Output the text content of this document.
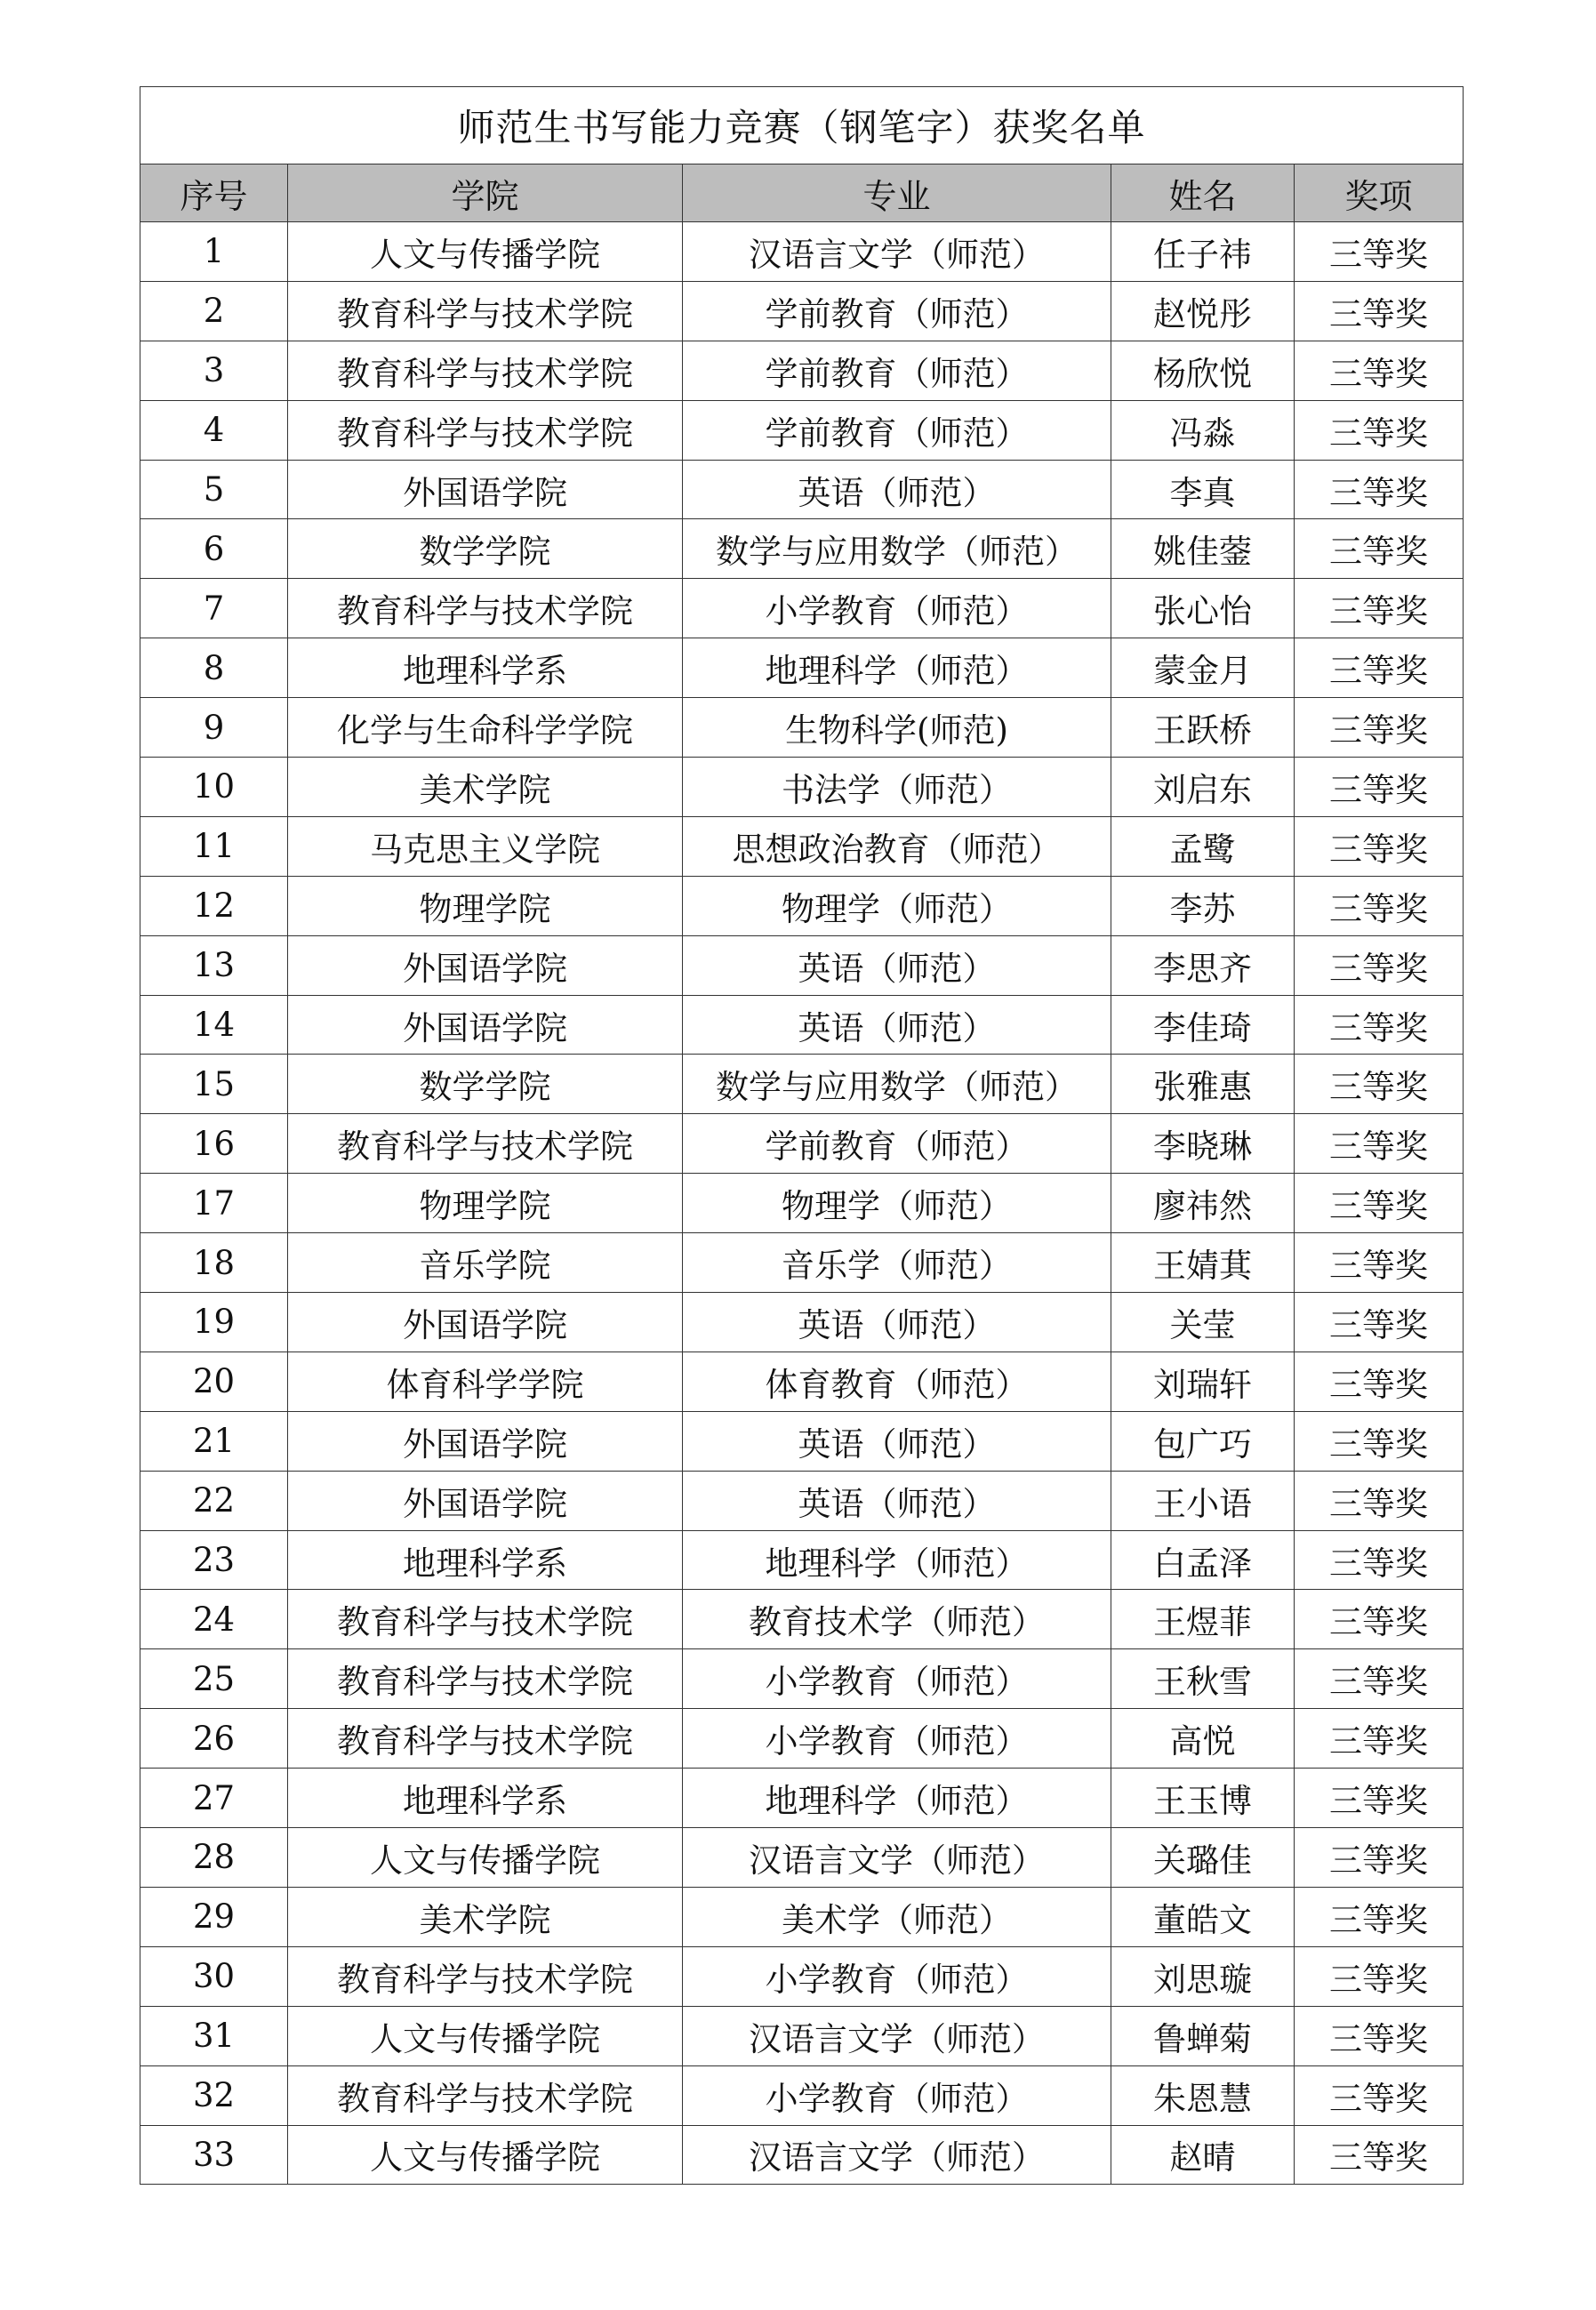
师范生书写能力竞赛（钢笔字）获奖名单				
序号	学院	专业	姓名	奖项
1	人文与传播学院	汉语言文学（师范）	任子祎	三等奖
2	教育科学与技术学院	学前教育（师范）	赵悦彤	三等奖
3	教育科学与技术学院	学前教育（师范）	杨欣悦	三等奖
4	教育科学与技术学院	学前教育（师范）	冯淼	三等奖
5	外国语学院	英语（师范）	李真	三等奖
6	数学学院	数学与应用数学（师范）	姚佳蓥	三等奖
7	教育科学与技术学院	小学教育（师范）	张心怡	三等奖
8	地理科学系	地理科学（师范）	蒙金月	三等奖
9	化学与生命科学学院	生物科学(师范)	王跃桥	三等奖
10	美术学院	书法学（师范）	刘启东	三等奖
11	马克思主义学院	思想政治教育（师范）	孟鹭	三等奖
12	物理学院	物理学（师范）	李苏	三等奖
13	外国语学院	英语（师范）	李思齐	三等奖
14	外国语学院	英语（师范）	李佳琦	三等奖
15	数学学院	数学与应用数学（师范）	张雅惠	三等奖
16	教育科学与技术学院	学前教育（师范）	李晓琳	三等奖
17	物理学院	物理学（师范）	廖祎然	三等奖
18	音乐学院	音乐学（师范）	王婧萁	三等奖
19	外国语学院	英语（师范）	关莹	三等奖
20	体育科学学院	体育教育（师范）	刘瑞轩	三等奖
21	外国语学院	英语（师范）	包广巧	三等奖
22	外国语学院	英语（师范）	王小语	三等奖
23	地理科学系	地理科学（师范）	白孟泽	三等奖
24	教育科学与技术学院	教育技术学（师范）	王煜菲	三等奖
25	教育科学与技术学院	小学教育（师范）	王秋雪	三等奖
26	教育科学与技术学院	小学教育（师范）	高悦	三等奖
27	地理科学系	地理科学（师范）	王玉博	三等奖
28	人文与传播学院	汉语言文学（师范）	关璐佳	三等奖
29	美术学院	美术学（师范）	董皓文	三等奖
30	教育科学与技术学院	小学教育（师范）	刘思璇	三等奖
31	人文与传播学院	汉语言文学（师范）	鲁蝉菊	三等奖
32	教育科学与技术学院	小学教育（师范）	朱恩慧	三等奖
33	人文与传播学院	汉语言文学（师范）	赵晴	三等奖
